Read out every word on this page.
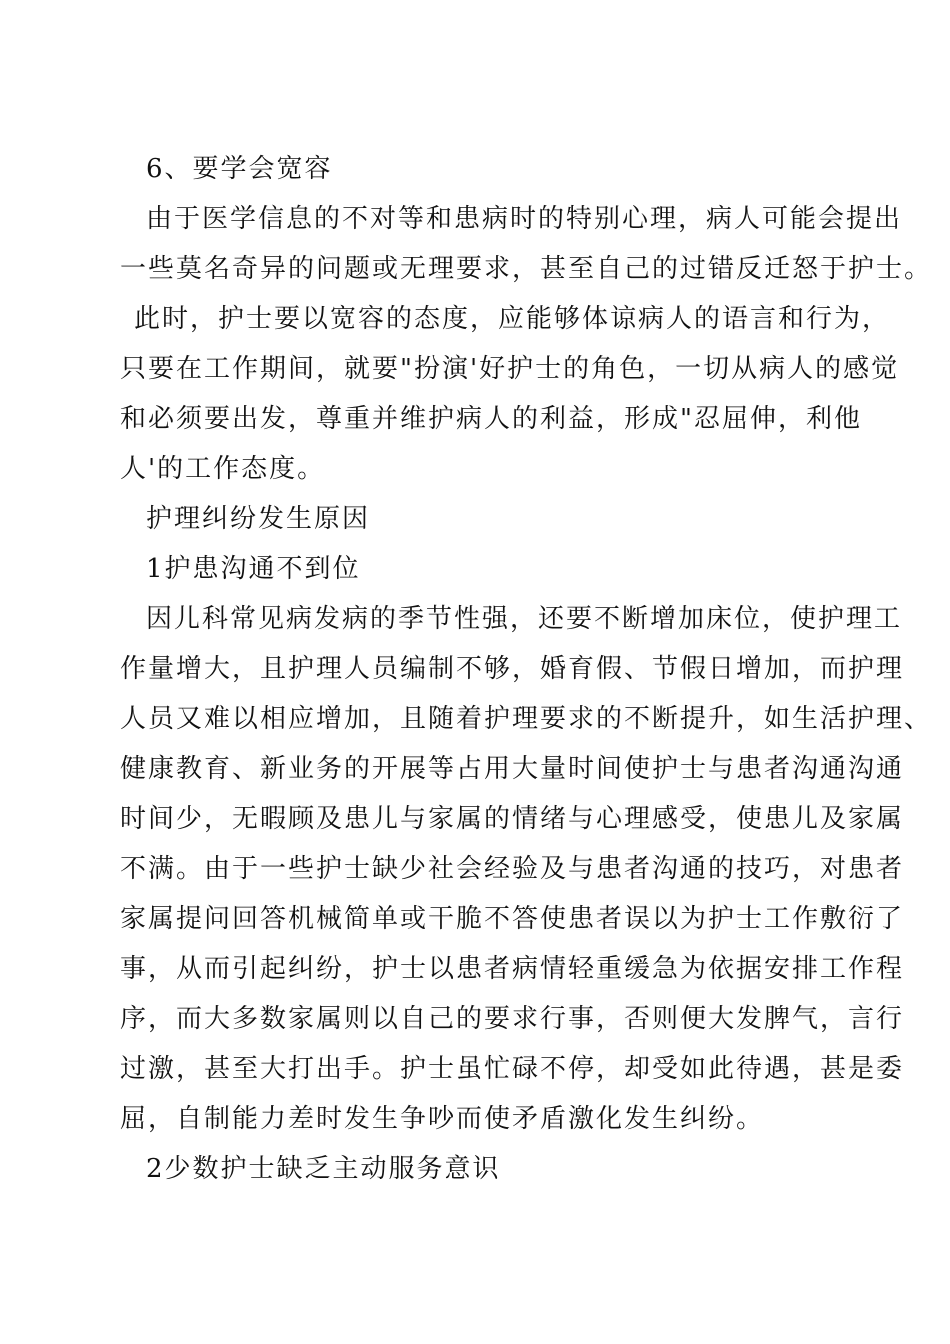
6、要学会宽容

由于医学信息的不对等和患病时的特别心理，病人可能会提出

一些莫名奇异的问题或无理要求，甚至自己的过错反迁怒于护士。

此时，护士要以宽容的态度，应能够体谅病人的语言和行为，

只要在工作期间，就要"扮演'好护士的角色，一切从病人的感觉

和必须要出发，尊重并维护病人的利益，形成"忍屈伸，利他

人'的工作态度。

护理纠纷发生原因

1护患沟通不到位

因儿科常见病发病的季节性强，还要不断增加床位，使护理工

作量增大，且护理人员编制不够，婚育假、节假日增加，而护理

人员又难以相应增加，且随着护理要求的不断提升，如生活护理、

健康教育、新业务的开展等占用大量时间使护士与患者沟通沟通

时间少，无暇顾及患儿与家属的情绪与心理感受，使患儿及家属

不满。由于一些护士缺少社会经验及与患者沟通的技巧，对患者

家属提问回答机械简单或干脆不答使患者误以为护士工作敷衍了

事，从而引起纠纷，护士以患者病情轻重缓急为依据安排工作程

序，而大多数家属则以自己的要求行事，否则便大发脾气，言行

过激，甚至大打出手。护士虽忙碌不停，却受如此待遇，甚是委

屈，自制能力差时发生争吵而使矛盾激化发生纠纷。

2少数护士缺乏主动服务意识
